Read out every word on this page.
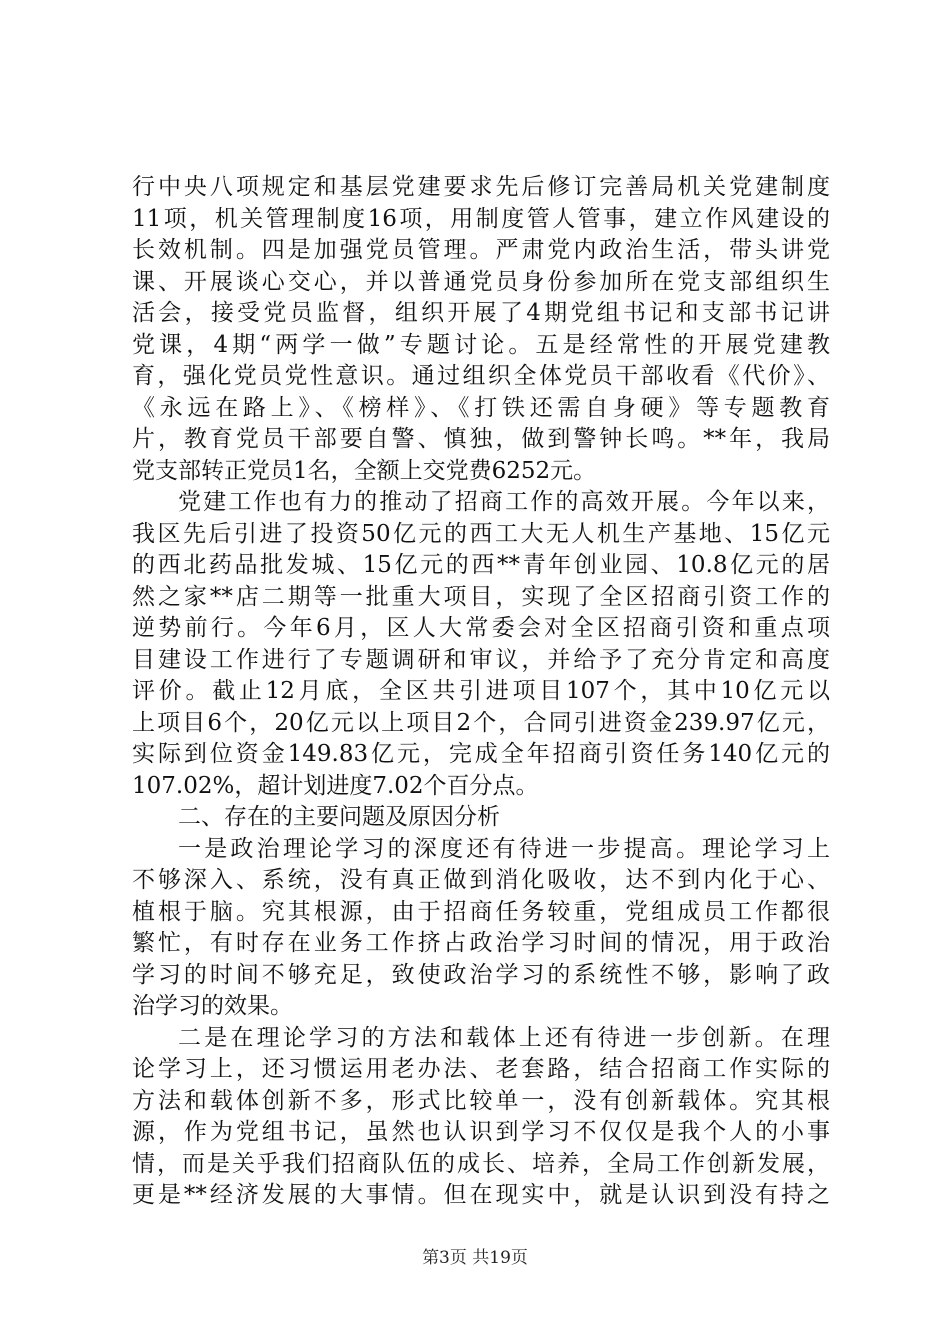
行中央八项规定和基层党建要求先后修订完善局机关党建制度
11项，机关管理制度16项，用制度管人管事，建立作风建设的
长效机制。四是加强党员管理。严肃党内政治生活，带头讲党
课、开展谈心交心，并以普通党员身份参加所在党支部组织生
活会，接受党员监督，组织开展了4期党组书记和支部书记讲
党课，4期“两学一做”专题讨论。五是经常性的开展党建教
育，强化党员党性意识。通过组织全体党员干部收看《代价》、
《永远在路上》、《榜样》、《打铁还需自身硬》等专题教育
片，教育党员干部要自警、慎独，做到警钟长鸣。**年，我局
党支部转正党员1名，全额上交党费6252元。
党建工作也有力的推动了招商工作的高效开展。今年以来，
我区先后引进了投资50亿元的西工大无人机生产基地、15亿元
的西北药品批发城、15亿元的西**青年创业园、10.8亿元的居
然之家**店二期等一批重大项目，实现了全区招商引资工作的
逆势前行。今年6月，区人大常委会对全区招商引资和重点项
目建设工作进行了专题调研和审议，并给予了充分肯定和高度
评价。截止12月底，全区共引进项目107个，其中10亿元以
上项目6个，20亿元以上项目2个，合同引进资金239.97亿元，
实际到位资金149.83亿元，完成全年招商引资任务140亿元的
107.02%，超计划进度7.02个百分点。
二、存在的主要问题及原因分析
一是政治理论学习的深度还有待进一步提高。理论学习上
不够深入、系统，没有真正做到消化吸收，达不到内化于心、
植根于脑。究其根源，由于招商任务较重，党组成员工作都很
繁忙，有时存在业务工作挤占政治学习时间的情况，用于政治
学习的时间不够充足，致使政治学习的系统性不够，影响了政
治学习的效果。
二是在理论学习的方法和载体上还有待进一步创新。在理
论学习上，还习惯运用老办法、老套路，结合招商工作实际的
方法和载体创新不多，形式比较单一，没有创新载体。究其根
源，作为党组书记，虽然也认识到学习不仅仅是我个人的小事
情，而是关乎我们招商队伍的成长、培养，全局工作创新发展，
更是**经济发展的大事情。但在现实中，就是认识到没有持之
第3页 共19页
